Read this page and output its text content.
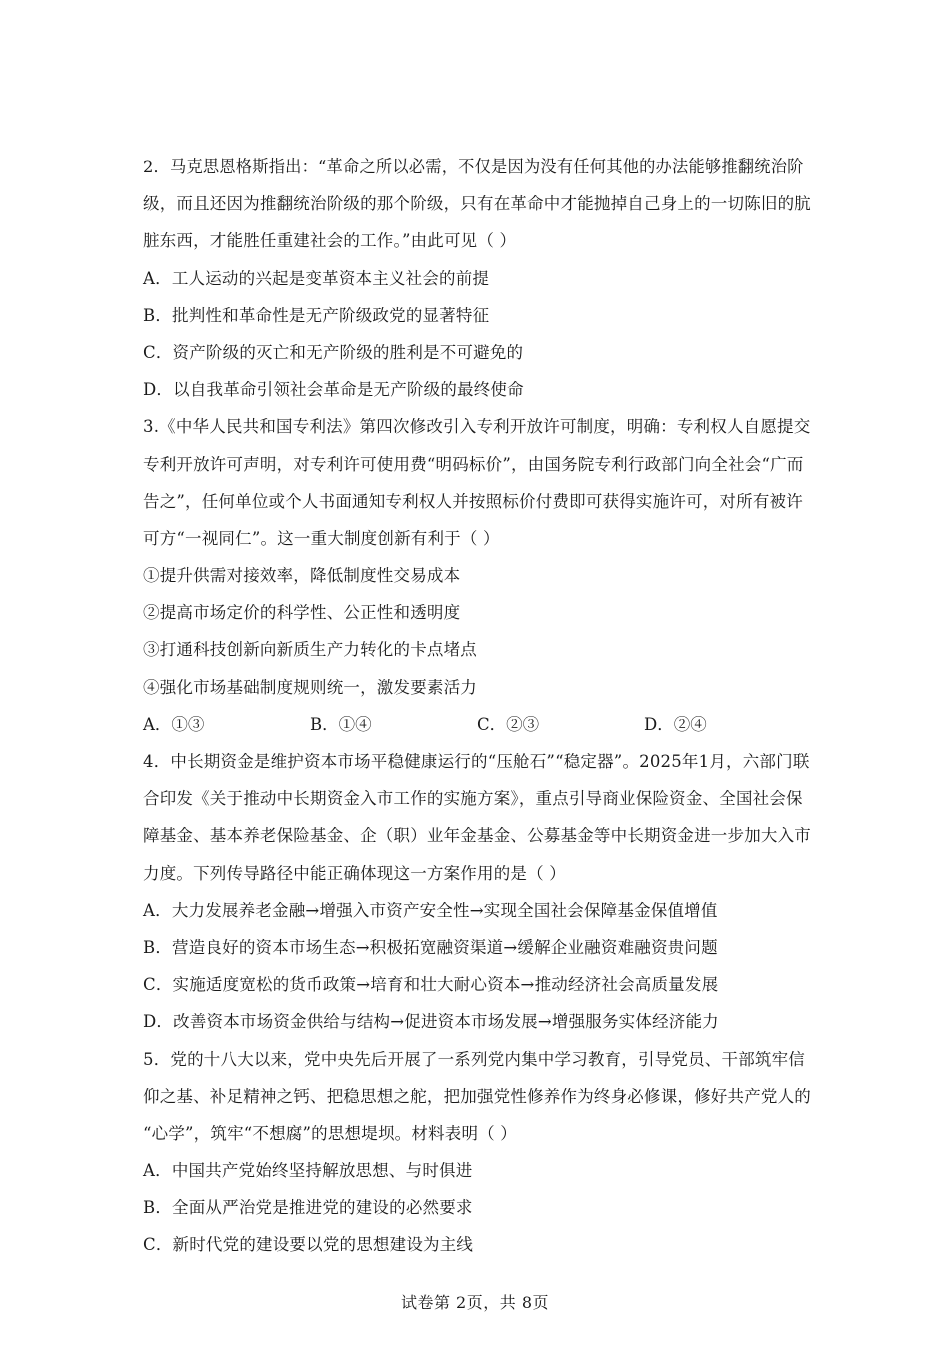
2．马克思恩格斯指出：“革命之所以必需，不仅是因为没有任何其他的办法能够推翻统治阶
级，而且还因为推翻统治阶级的那个阶级，只有在革命中才能抛掉自己身上的一切陈旧的肮
脏东西，才能胜任重建社会的工作。”由此可见（ ）
A．工人运动的兴起是变革资本主义社会的前提
B．批判性和革命性是无产阶级政党的显著特征
C．资产阶级的灭亡和无产阶级的胜利是不可避免的
D．以自我革命引领社会革命是无产阶级的最终使命
3.《中华人民共和国专利法》第四次修改引入专利开放许可制度，明确：专利权人自愿提交
专利开放许可声明，对专利许可使用费“明码标价”，由国务院专利行政部门向全社会“广而
告之”，任何单位或个人书面通知专利权人并按照标价付费即可获得实施许可，对所有被许
可方“一视同仁”。这一重大制度创新有利于（ ）
①提升供需对接效率，降低制度性交易成本
②提高市场定价的科学性、公正性和透明度
③打通科技创新向新质生产力转化的卡点堵点
④强化市场基础制度规则统一，激发要素活力
A．①③	B．①④	C．②③	D．②④
4．中长期资金是维护资本市场平稳健康运行的“压舱石”“稳定器”。2025年1月，六部门联
合印发《关于推动中长期资金入市工作的实施方案》，重点引导商业保险资金、全国社会保
障基金、基本养老保险基金、企（职）业年金基金、公募基金等中长期资金进一步加大入市
力度。下列传导路径中能正确体现这一方案作用的是（ ）
A．大力发展养老金融→增强入市资产安全性→实现全国社会保障基金保值增值
B．营造良好的资本市场生态→积极拓宽融资渠道→缓解企业融资难融资贵问题
C．实施适度宽松的货币政策→培育和壮大耐心资本→推动经济社会高质量发展
D．改善资本市场资金供给与结构→促进资本市场发展→增强服务实体经济能力
5．党的十八大以来，党中央先后开展了一系列党内集中学习教育，引导党员、干部筑牢信
仰之基、补足精神之钙、把稳思想之舵，把加强党性修养作为终身必修课，修好共产党人的
“心学”，筑牢“不想腐”的思想堤坝。材料表明（ ）
A．中国共产党始终坚持解放思想、与时俱进
B．全面从严治党是推进党的建设的必然要求
C．新时代党的建设要以党的思想建设为主线
试卷第 2页，共 8页
